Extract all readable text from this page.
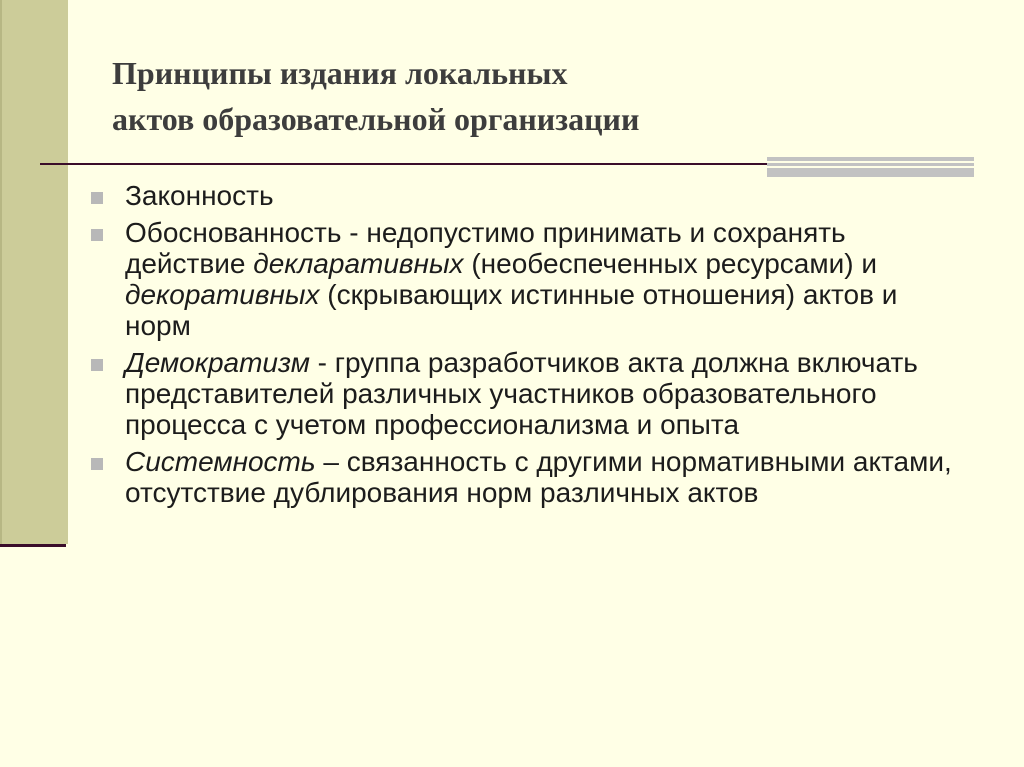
Принципы издания локальных
актов образовательной организации
Законность
Обоснованность - недопустимо принимать и сохранять действие декларативных (необеспеченных ресурсами) и декоративных (скрывающих истинные отношения) актов и норм
Демократизм - группа разработчиков акта должна включать представителей различных участников образовательного процесса с учетом профессионализма и опыта
Системность – связанность с другими нормативными актами, отсутствие дублирования норм различных актов
